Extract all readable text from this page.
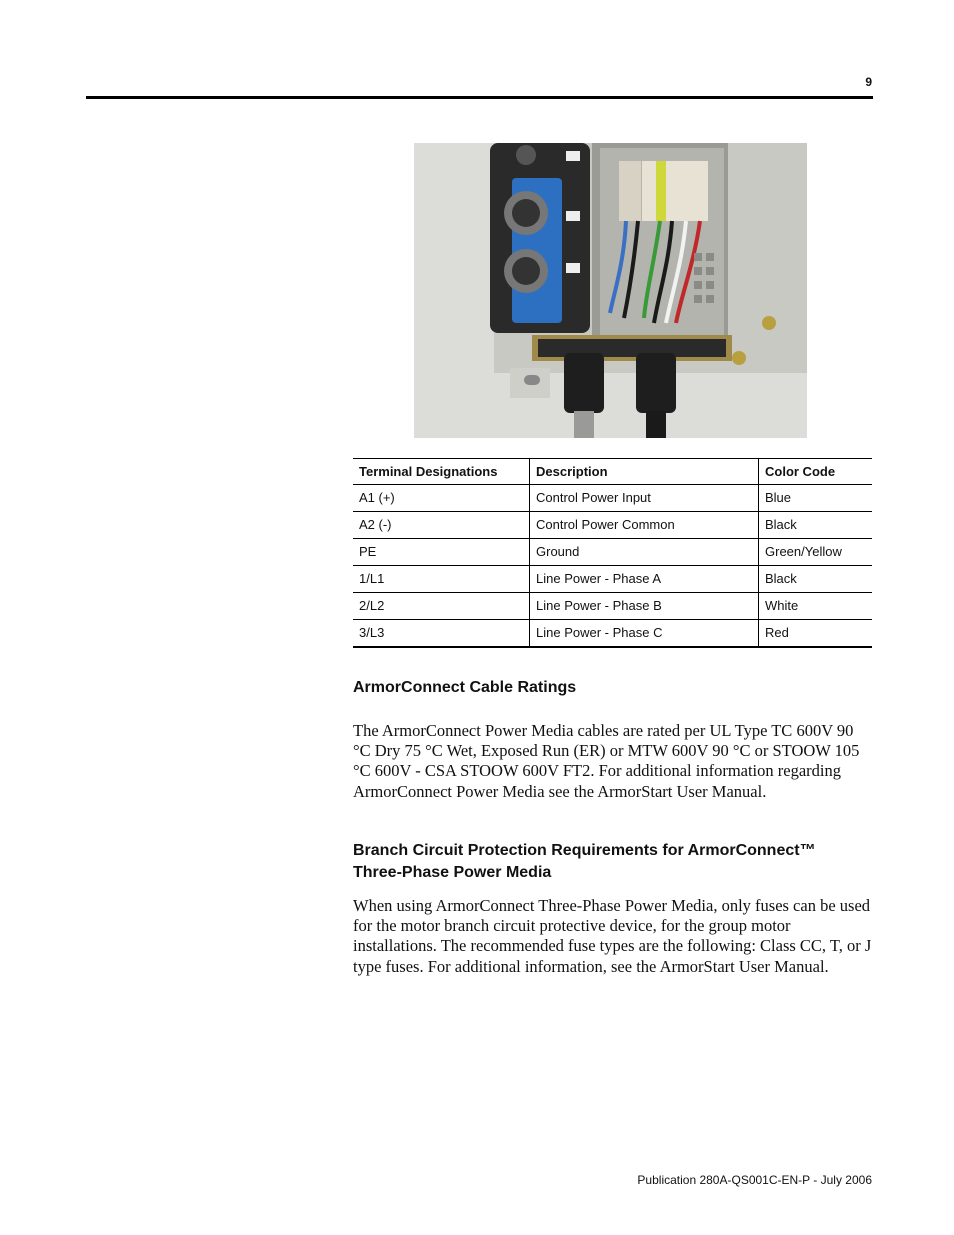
9
Terminal Designations	Description	Color Code
A1 (+)	Control Power Input	Blue
A2 (-)	Control Power Common	Black
PE	Ground	Green/Yellow
1/L1	Line Power - Phase A	Black
2/L2	Line Power - Phase B	White
3/L3	Line Power - Phase C	Red
ArmorConnect Cable Ratings

The ArmorConnect Power Media cables are rated per UL Type TC 600V 90 °C Dry 75 °C Wet, Exposed Run (ER) or MTW 600V 90 °C or STOOW 105 °C 600V - CSA STOOW 600V FT2. For additional information regarding ArmorConnect Power Media see the ArmorStart User Manual.

Branch Circuit Protection Requirements for ArmorConnect™ Three-Phase Power Media

When using ArmorConnect Three-Phase Power Media, only fuses can be used for the motor branch circuit protective device, for the group motor installations. The recommended fuse types are the following: Class CC, T, or J type fuses. For additional information, see the ArmorStart User Manual.

Publication 280A-QS001C-EN-P - July 2006
